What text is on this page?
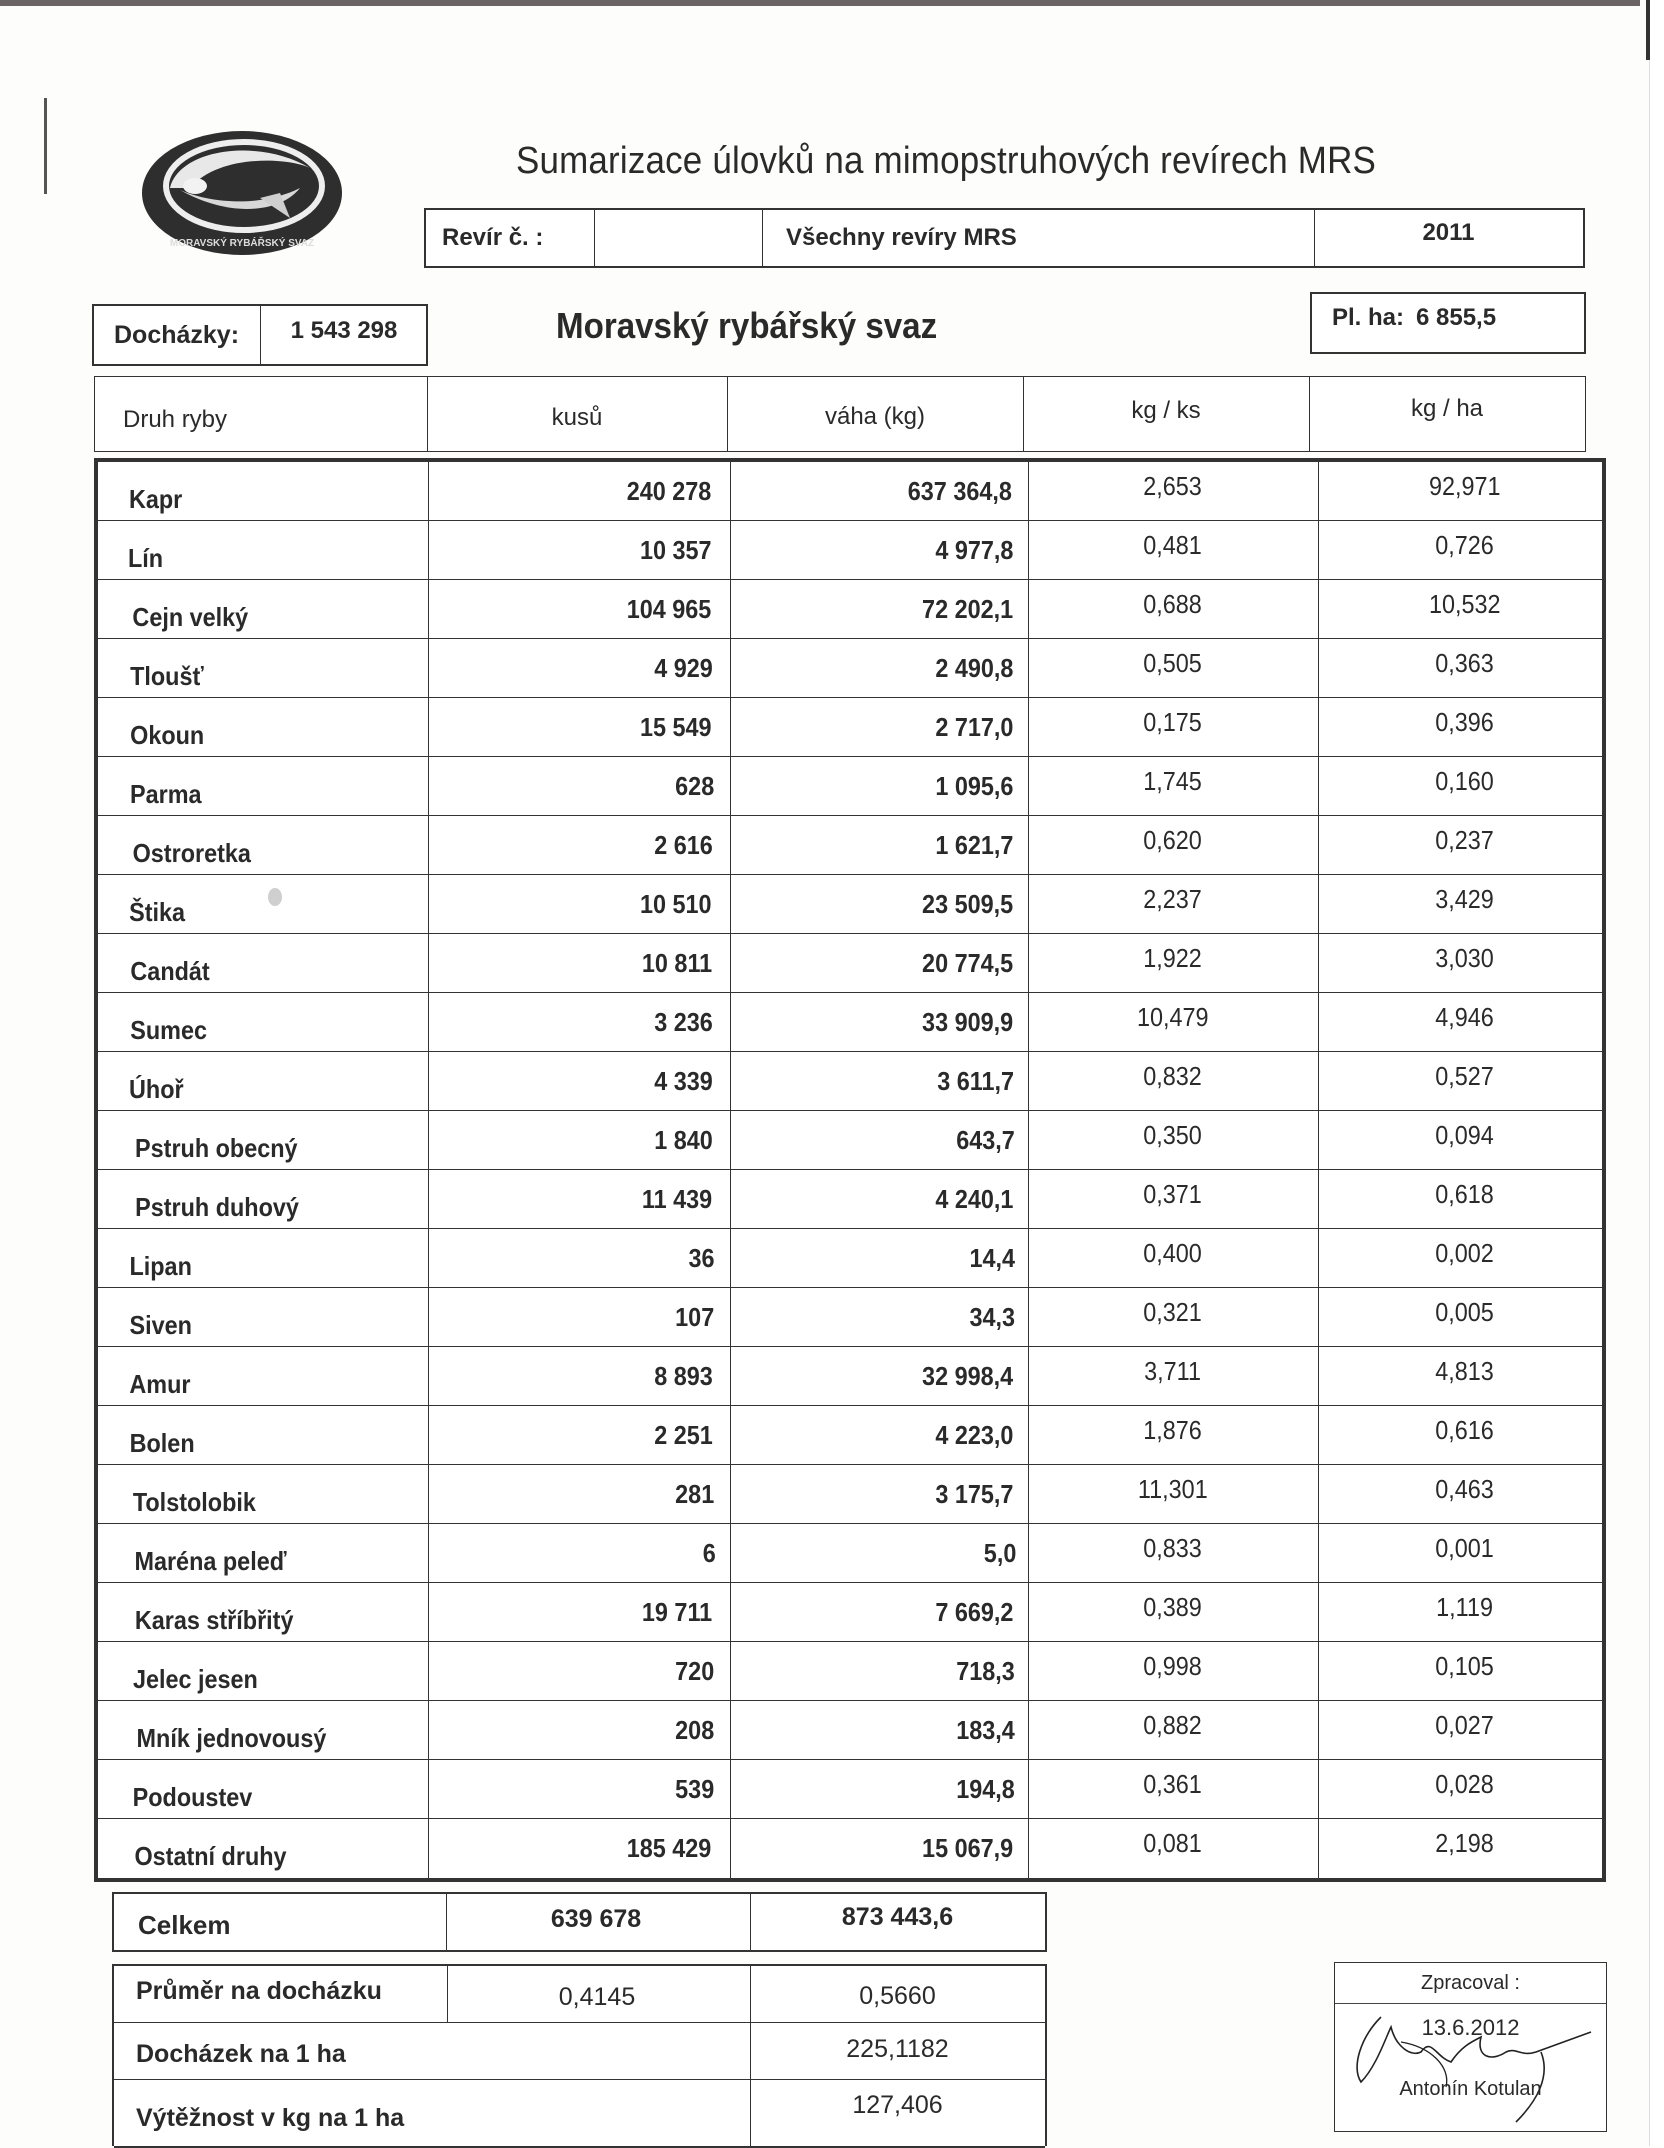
MORAVSKÝ RYBÁŘSKÝ SVAZ
Sumarizace úlovků na mimopstruhových revírech MRS
Revír č. :	Všechny revíry MRS	2011
Docházky:	1 543 298	Moravský rybářský svaz	Pl. ha: 6 855,5
Druh ryby	kusů	váha (kg)	kg / ks	kg / ha
Kapr	240 278	637 364,8	2,653	92,971
Lín	10 357	4 977,8	0,481	0,726
Cejn velký	104 965	72 202,1	0,688	10,532
Tloušť	4 929	2 490,8	0,505	0,363
Okoun	15 549	2 717,0	0,175	0,396
Parma	628	1 095,6	1,745	0,160
Ostroretka	2 616	1 621,7	0,620	0,237
Štika	10 510	23 509,5	2,237	3,429
Candát	10 811	20 774,5	1,922	3,030
Sumec	3 236	33 909,9	10,479	4,946
Úhoř	4 339	3 611,7	0,832	0,527
Pstruh obecný	1 840	643,7	0,350	0,094
Pstruh duhový	11 439	4 240,1	0,371	0,618
Lipan	36	14,4	0,400	0,002
Siven	107	34,3	0,321	0,005
Amur	8 893	32 998,4	3,711	4,813
Bolen	2 251	4 223,0	1,876	0,616
Tolstolobik	281	3 175,7	11,301	0,463
Maréna peleď	6	5,0	0,833	0,001
Karas stříbřitý	19 711	7 669,2	0,389	1,119
Jelec jesen	720	718,3	0,998	0,105
Mník jednovousý	208	183,4	0,882	0,027
Podoustev	539	194,8	0,361	0,028
Ostatní druhy	185 429	15 067,9	0,081	2,198
Celkem	639 678	873 443,6
Průměr na docházku	0,4145	0,5660
Docházek na 1 ha	225,1182
Výtěžnost v kg na 1 ha	127,406
Zpracoval :
13.6.2012
Antonín Kotulan
